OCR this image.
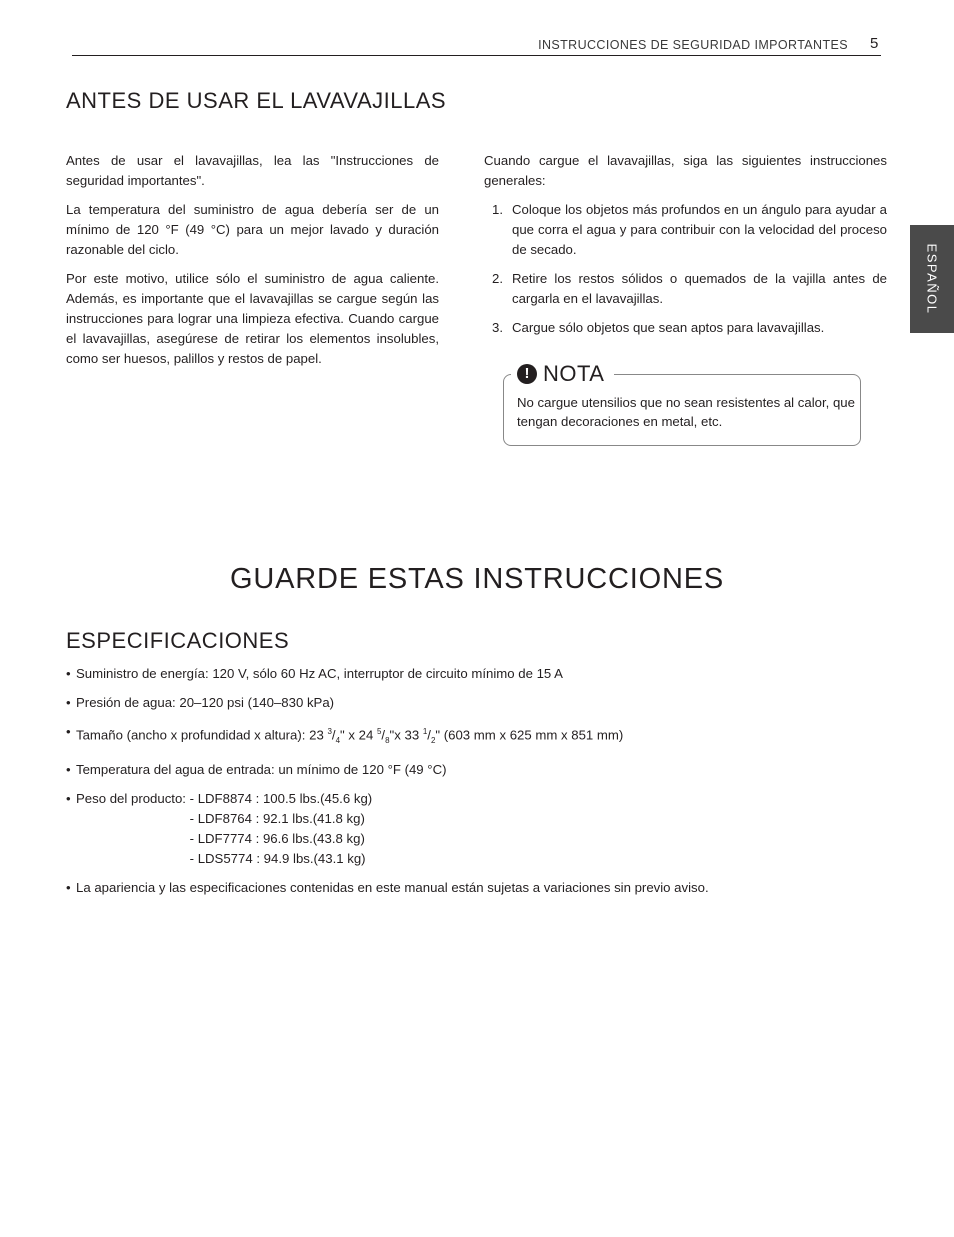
INSTRUCCIONES DE SEGURIDAD IMPORTANTES 5
ESPAÑOL
ANTES DE USAR EL LAVAVAJILLAS

Antes de usar el lavavajillas, lea las "Instrucciones de seguridad importantes".

La temperatura del suministro de agua debería ser de un mínimo de 120 °F (49 °C) para un mejor lavado y duración razonable del ciclo.

Por este motivo, utilice sólo el suministro de agua caliente. Además, es importante que el lavavajillas se cargue según las instrucciones para lograr una limpieza efectiva. Cuando cargue el lavavajillas, asegúrese de retirar los elementos insolubles, como ser huesos, palillos y restos de papel.

Cuando cargue el lavavajillas, siga las siguientes instrucciones generales:

1. Coloque los objetos más profundos en un ángulo para ayudar a que corra el agua y para contribuir con la velocidad del proceso de secado.
2. Retire los restos sólidos o quemados de la vajilla antes de cargarla en el lavavajillas.
3. Cargue sólo objetos que sean aptos para lavavajillas.
! NOTA
No cargue utensilios que no sean resistentes al calor, que tengan decoraciones en metal, etc.
GUARDE ESTAS INSTRUCCIONES
ESPECIFICACIONES
• Suministro de energía: 120 V, sólo 60 Hz AC, interruptor de circuito mínimo de 15 A
• Presión de agua: 20–120 psi (140–830 kPa)
• Tamaño (ancho x profundidad x altura): 23 $^3/_4$" x 24 $^5/_8"x$ 33 $^1/_2$" (603 mm x 625 mm x 851 mm)
• Temperatura del agua de entrada: un mínimo de 120 °F (49 °C)
• Peso del producto: - LDF8874 : 100.5 lbs.(45.6 kg)
- LDF8764 : 92.1 lbs.(41.8 kg)
- LDF7774 : 96.6 lbs.(43.8 kg)
- LDS5774 : 94.9 lbs.(43.1 kg)
• La apariencia y las especificaciones contenidas en este manual están sujetas a variaciones sin previo aviso.
